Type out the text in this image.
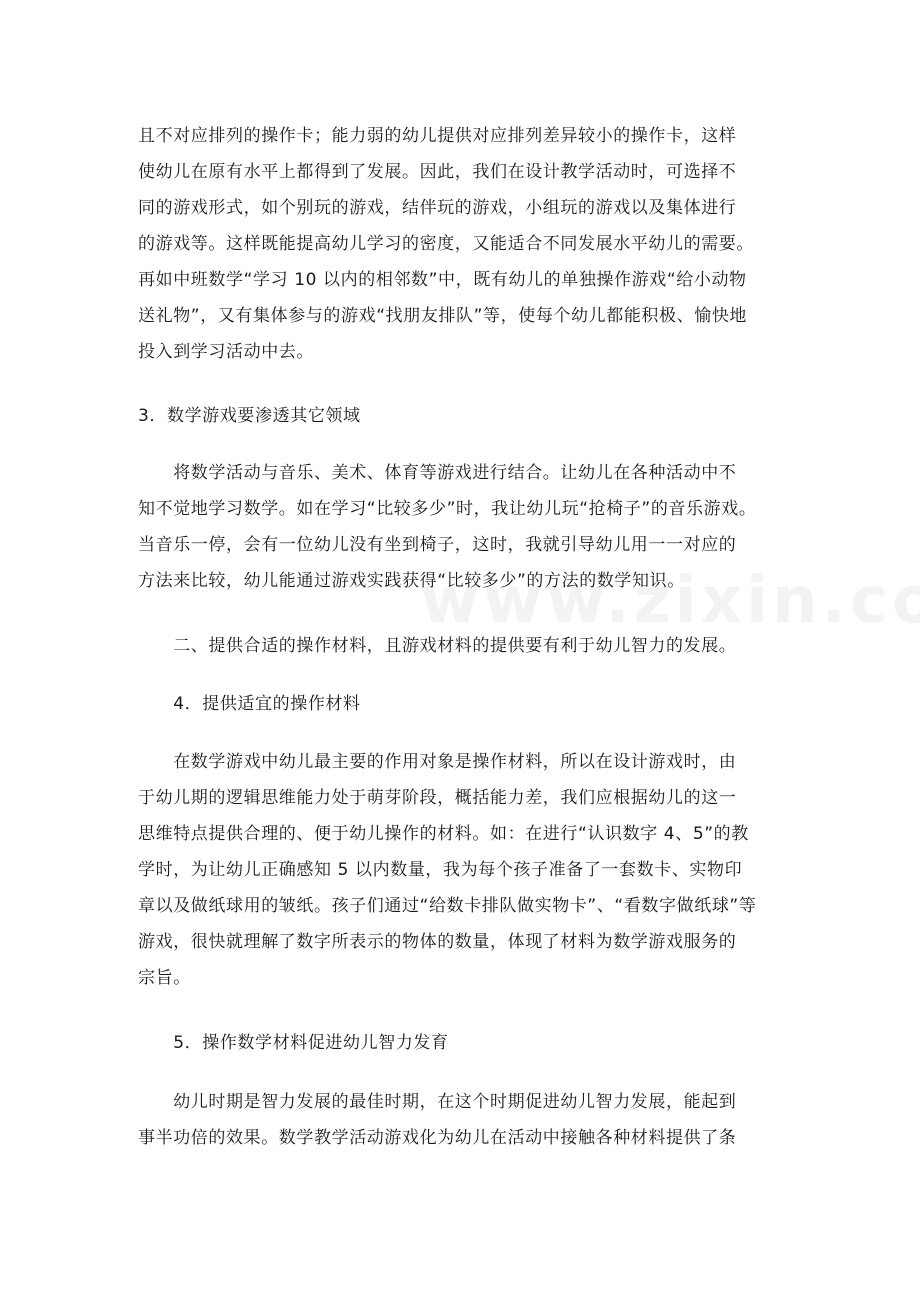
且不对应排列的操作卡；能力弱的幼儿提供对应排列差异较小的操作卡，这样
使幼儿在原有水平上都得到了发展。因此，我们在设计教学活动时，可选择不
同的游戏形式，如个别玩的游戏，结伴玩的游戏，小组玩的游戏以及集体进行
的游戏等。这样既能提高幼儿学习的密度，又能适合不同发展水平幼儿的需要。
再如中班数学“学习 10 以内的相邻数”中，既有幼儿的单独操作游戏“给小动物
送礼物”，又有集体参与的游戏“找朋友排队”等，使每个幼儿都能积极、愉快地
投入到学习活动中去。

3．数学游戏要渗透其它领域

　　将数学活动与音乐、美术、体育等游戏进行结合。让幼儿在各种活动中不
知不觉地学习数学。如在学习“比较多少”时，我让幼儿玩“抢椅子”的音乐游戏。
当音乐一停，会有一位幼儿没有坐到椅子，这时，我就引导幼儿用一一对应的
方法来比较，幼儿能通过游戏实践获得“比较多少”的方法的数学知识。

　　二、提供合适的操作材料，且游戏材料的提供要有利于幼儿智力的发展。

　　4．提供适宜的操作材料

　　在数学游戏中幼儿最主要的作用对象是操作材料，所以在设计游戏时，由
于幼儿期的逻辑思维能力处于萌芽阶段，概括能力差，我们应根据幼儿的这一
思维特点提供合理的、便于幼儿操作的材料。如：在进行“认识数字 4、5”的教
学时，为让幼儿正确感知 5 以内数量，我为每个孩子准备了一套数卡、实物印
章以及做纸球用的皱纸。孩子们通过“给数卡排队做实物卡”、“看数字做纸球”等
游戏，很快就理解了数字所表示的物体的数量，体现了材料为数学游戏服务的
宗旨。

　　5．操作数学材料促进幼儿智力发育

　　幼儿时期是智力发展的最佳时期，在这个时期促进幼儿智力发展，能起到
事半功倍的效果。数学教学活动游戏化为幼儿在活动中接触各种材料提供了条
